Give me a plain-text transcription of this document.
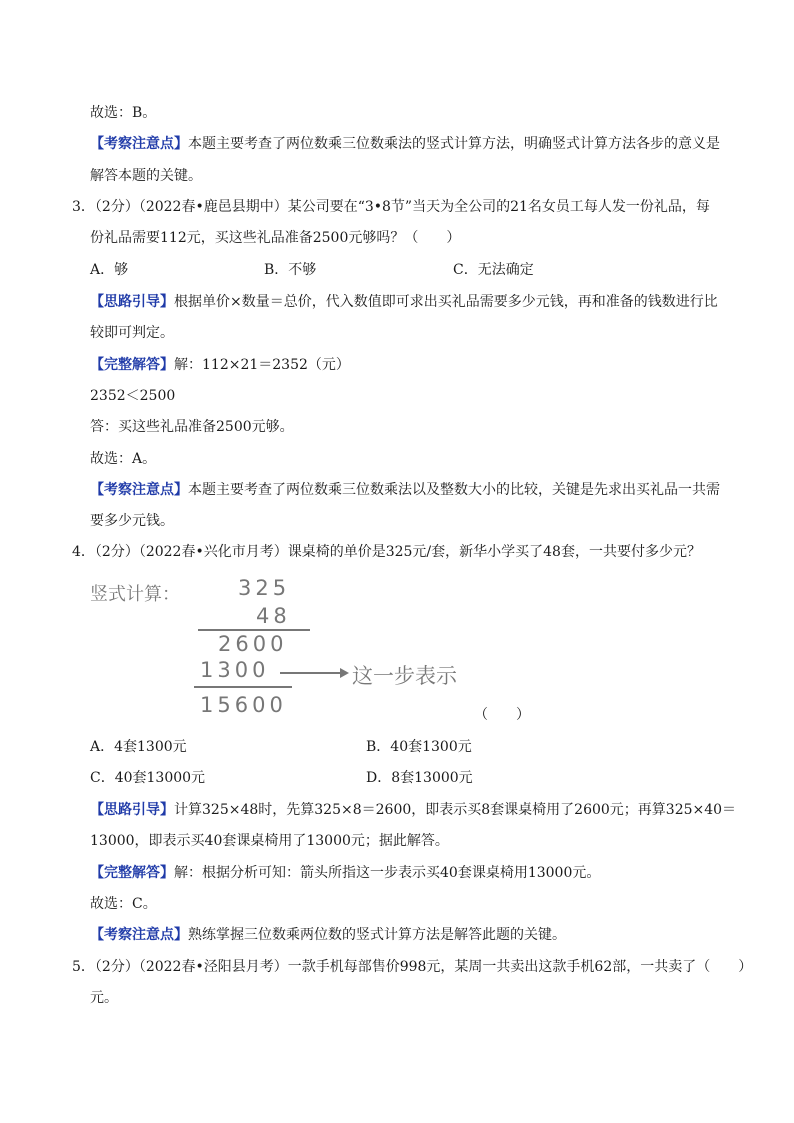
故选：B。
【考察注意点】本题主要考查了两位数乘三位数乘法的竖式计算方法，明确竖式计算方法各步的意义是
解答本题的关键。
3．（2分）（2022春•鹿邑县期中）某公司要在“3•8节”当天为全公司的21名女员工每人发一份礼品，每
份礼品需要112元，买这些礼品准备2500元够吗？（　　）
A．够	B．不够	C．无法确定
【思路引导】根据单价×数量＝总价，代入数值即可求出买礼品需要多少元钱，再和准备的钱数进行比
较即可判定。
【完整解答】解：112×21＝2352（元）
2352＜2500
答：买这些礼品准备2500元够。
故选：A。
【考察注意点】本题主要考查了两位数乘三位数乘法以及整数大小的比较，关键是先求出买礼品一共需
要多少元钱。
4．（2分）（2022春•兴化市月考）课桌椅的单价是325元/套，新华小学买了48套，一共要付多少元？
竖式计算：	325
48
2600
1300	这一步表示
15600	（　　）
A．4套1300元	B．40套1300元
C．40套13000元	D．8套13000元
【思路引导】计算325×48时，先算325×8＝2600，即表示买8套课桌椅用了2600元；再算325×40＝
13000，即表示买40套课桌椅用了13000元；据此解答。
【完整解答】解：根据分析可知：箭头所指这一步表示买40套课桌椅用13000元。
故选：C。
【考察注意点】熟练掌握三位数乘两位数的竖式计算方法是解答此题的关键。
5．（2分）（2022春•泾阳县月考）一款手机每部售价998元，某周一共卖出这款手机62部，一共卖了（　　）
元。
